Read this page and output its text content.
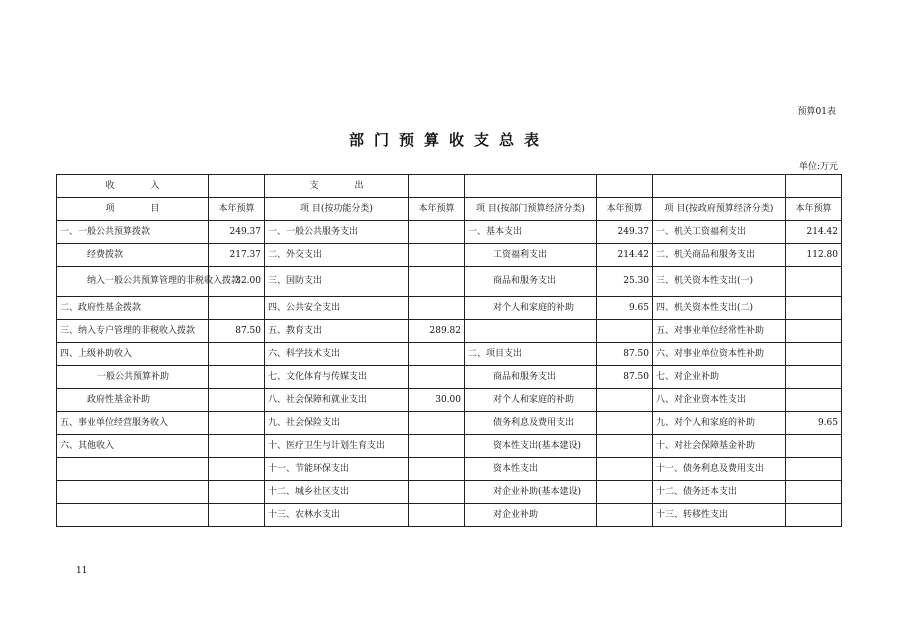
预算01表
部门预算收支总表
单位:万元
收　　　　入		支　　　　出					
项　　　　目	本年预算	项 目(按功能分类)	本年预算	项 目(按部门预算经济分类)	本年预算	项 目(按政府预算经济分类)	本年预算
一、一般公共预算拨款	249.37	一、一般公共服务支出		一、基本支出	249.37	一、机关工资福利支出	214.42
经费拨款	217.37	二、外交支出		工资福利支出	214.42	二、机关商品和服务支出	112.80
纳入一般公共预算管理的非税收入拨款	32.00	三、国防支出		商品和服务支出	25.30	三、机关资本性支出(一)	
二、政府性基金拨款		四、公共安全支出		对个人和家庭的补助	9.65	四、机关资本性支出(二)	
三、纳入专户管理的非税收入拨款	87.50	五、教育支出	289.82			五、对事业单位经常性补助	
四、上级补助收入		六、科学技术支出		二、项目支出	87.50	六、对事业单位资本性补助	
一般公共预算补助		七、文化体育与传媒支出		商品和服务支出	87.50	七、对企业补助	
政府性基金补助		八、社会保障和就业支出	30.00	对个人和家庭的补助		八、对企业资本性支出	
五、事业单位经营服务收入		九、社会保险支出		债务利息及费用支出		九、对个人和家庭的补助	9.65
六、其他收入		十、医疗卫生与计划生育支出		资本性支出(基本建设)		十、对社会保障基金补助	
		十一、节能环保支出		资本性支出		十一、债务利息及费用支出	
		十二、城乡社区支出		对企业补助(基本建设)		十二、债务还本支出	
		十三、农林水支出		对企业补助		十三、转移性支出	
11
